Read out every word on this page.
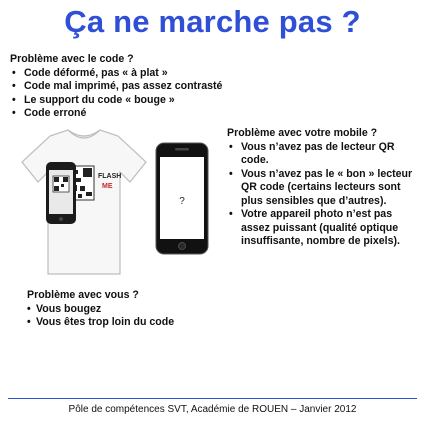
Ça ne marche pas ?
Problème avec le code ?
• Code déformé, pas « à plat »
• Code mal imprimé, pas assez contrasté
• Le support du code « bouge »
• Code erroné
Problème avec votre mobile ?
• Vous n’avez pas de lecteur QR code.
• Vous n’avez pas le « bon » lecteur QR code (certains lecteurs sont plus sensibles que d’autres).
• Votre appareil photo n’est pas assez puissant (qualité optique insuffisante, nombre de pixels).
Problème avec vous ?
• Vous bougez
• Vous êtes trop loin du code
FLASH
ME
?
Pôle de compétences SVT, Académie de ROUEN – Janvier 2012
